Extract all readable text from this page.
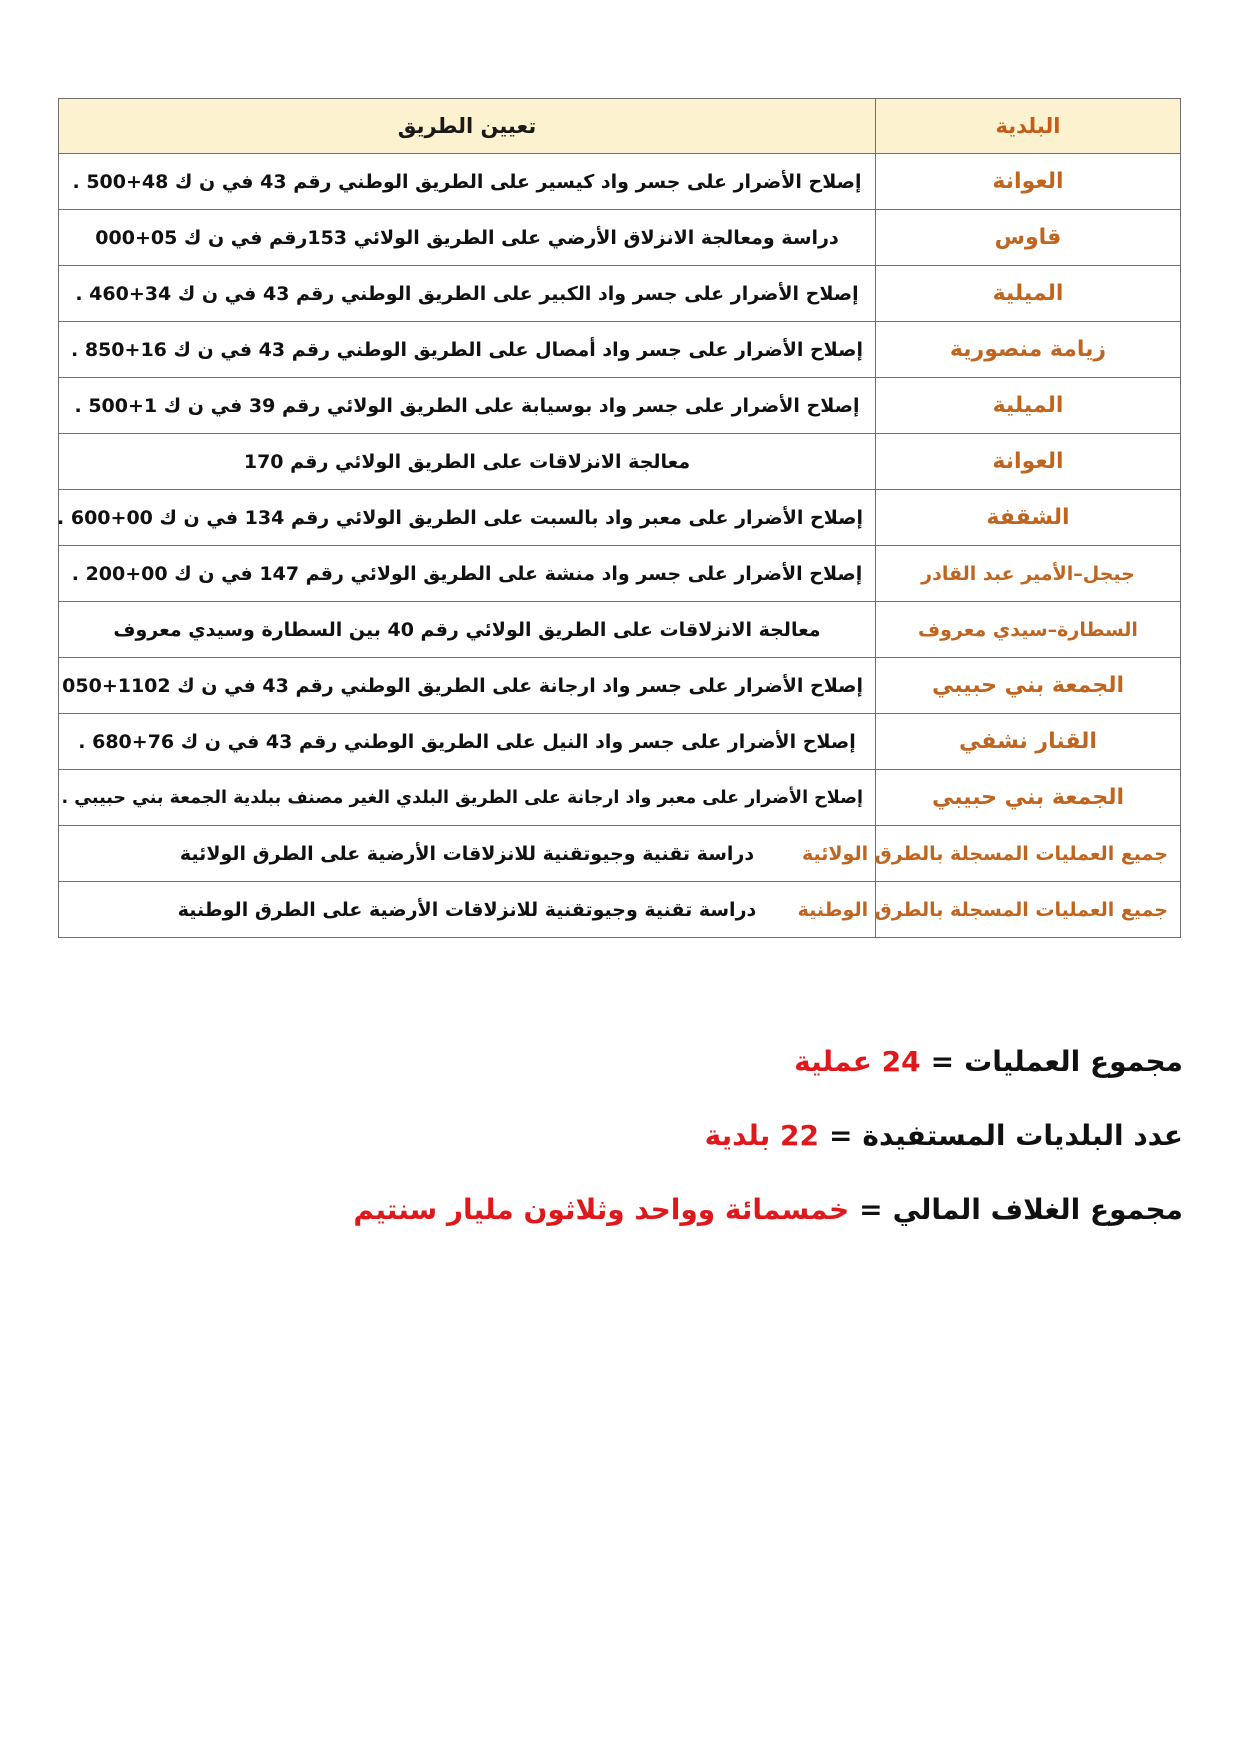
البلدية	تعيين الطريق
العوانة	إصلاح الأضرار على جسر واد كيسير على الطريق الوطني رقم 43 في ن ك 48+500 .
قاوس	دراسة ومعالجة الانزلاق الأرضي على الطريق الولائي 153رقم في ن ك 05+000
الميلية	إصلاح الأضرار على جسر واد الكبير على الطريق الوطني رقم 43 في ن ك 34+460 .
زيامة منصورية	إصلاح الأضرار على جسر واد أمصال على الطريق الوطني رقم 43 في ن ك 16+850 .
الميلية	إصلاح الأضرار على جسر واد بوسيابة على الطريق الولائي رقم 39 في ن ك 1+500 .
العوانة	معالجة الانزلاقات على الطريق الولائي رقم 170
الشقفة	إصلاح الأضرار على معبر واد بالسبت على الطريق الولائي رقم 134 في ن ك 00+600 .
جيجل–الأمير عبد القادر	إصلاح الأضرار على جسر واد منشة على الطريق الولائي رقم 147 في ن ك 00+200 .
السطارة–سيدي معروف	معالجة الانزلاقات على الطريق الولائي رقم 40 بين السطارة وسيدي معروف
الجمعة بني حبيبي	إصلاح الأضرار على جسر واد ارجانة على الطريق الوطني رقم 43 في ن ك 1102+050
القنار نشفي	إصلاح الأضرار على جسر واد النيل على الطريق الوطني رقم 43 في ن ك 76+680 .
الجمعة بني حبيبي	إصلاح الأضرار على معبر واد ارجانة على الطريق البلدي الغير مصنف ببلدية الجمعة بني حبيبي .
جميع العمليات المسجلة بالطرق الولائية	دراسة تقنية وجيوتقنية للانزلاقات الأرضية على الطرق الولائية
جميع العمليات المسجلة بالطرق الوطنية	دراسة تقنية وجيوتقنية للانزلاقات الأرضية على الطرق الوطنية
مجموع العمليات=24 عملية
عدد البلديات المستفيدة=22 بلدية
مجموع الغلاف المالي=خمسمائة وواحد وثلاثون مليار سنتيم
